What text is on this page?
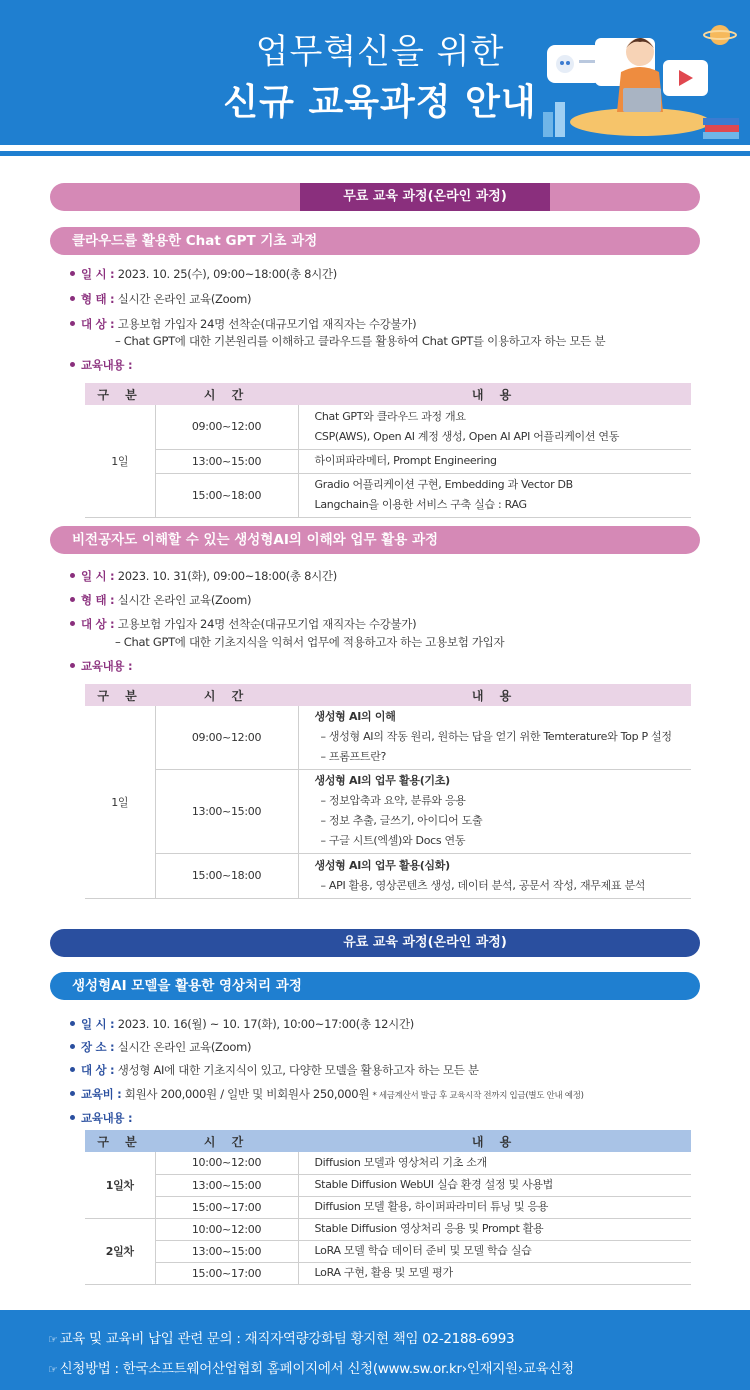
업무혁신을 위한
신규 교육과정 안내
무료 교육 과정(온라인 과정)
클라우드를 활용한 Chat GPT 기초 과정
일 시 : 2023. 10. 25(수), 09:00~18:00(총 8시간)
형 태 : 실시간 온라인 교육(Zoom)
대 상 : 고용보험 가입자 24명 선착순(대규모기업 재직자는 수강불가)
– Chat GPT에 대한 기본원리를 이해하고 클라우드를 활용하여 Chat GPT를 이용하고자 하는 모든 분
교육내용 :
구 분	시 간	내 용
1일	09:00~12:00	Chat GPT와 클라우드 과정 개요
CSP(AWS), Open AI 계정 생성, Open AI API 어플리케이션 연동

	13:00~15:00	하이퍼파라메터, Prompt Engineering
	15:00~18:00	Gradio 어플리케이션 구현, Embedding 과 Vector DB
Langchain을 이용한 서비스 구축 실습 : RAG
비전공자도 이해할 수 있는 생성형AI의 이해와 업무 활용 과정
일 시 : 2023. 10. 31(화), 09:00~18:00(총 8시간)
형 태 : 실시간 온라인 교육(Zoom)
대 상 : 고용보험 가입자 24명 선착순(대규모기업 재직자는 수강불가)
– Chat GPT에 대한 기초지식을 익혀서 업무에 적용하고자 하는 고용보험 가입자
교육내용 :
구 분	시 간	내 용
1일	09:00~12:00	생성형 AI의 이해
– 생성형 AI의 작동 원리, 원하는 답을 얻기 위한 Temterature와 Top P 설정
– 프롬프트란?

	13:00~15:00	생성형 AI의 업무 활용(기초)
– 정보압축과 요약, 분류와 응용
– 정보 추출, 글쓰기, 아이디어 도출
– 구글 시트(엑셀)와 Docs 연동

	15:00~18:00	생성형 AI의 업무 활용(심화)
– API 활용, 영상콘텐츠 생성, 데이터 분석, 공문서 작성, 재무제표 분석
유료 교육 과정(온라인 과정)
생성형AI 모델을 활용한 영상처리 과정
일 시 : 2023. 10. 16(월) ~ 10. 17(화), 10:00~17:00(총 12시간)
장 소 : 실시간 온라인 교육(Zoom)
대 상 : 생성형 AI에 대한 기초지식이 있고, 다양한 모델을 활용하고자 하는 모든 분
교육비 : 회원사 200,000원 / 일반 및 비회원사 250,000원 * 세금계산서 발급 후 교육시작 전까지 입금(별도 안내 예정)
교육내용 :
구 분	시 간	내 용
1일차	10:00~12:00	Diffusion 모델과 영상처리 기초 소개
	13:00~15:00	Stable Diffusion WebUI 실습 환경 설정 및 사용법
	15:00~17:00	Diffusion 모델 활용, 하이퍼파라미터 튜닝 및 응용
2일차	10:00~12:00	Stable Diffusion 영상처리 응용 및 Prompt 활용
	13:00~15:00	LoRA 모델 학습 데이터 준비 및 모델 학습 실습
	15:00~17:00	LoRA 구현, 활용 및 모델 평가
☞ 교육 및 교육비 납입 관련 문의 : 재직자역량강화팀 황지현 책임 02-2188-6993
☞ 신청방법 : 한국소프트웨어산업협회 홈페이지에서 신청(www.sw.or.kr›인재지원›교육신청
